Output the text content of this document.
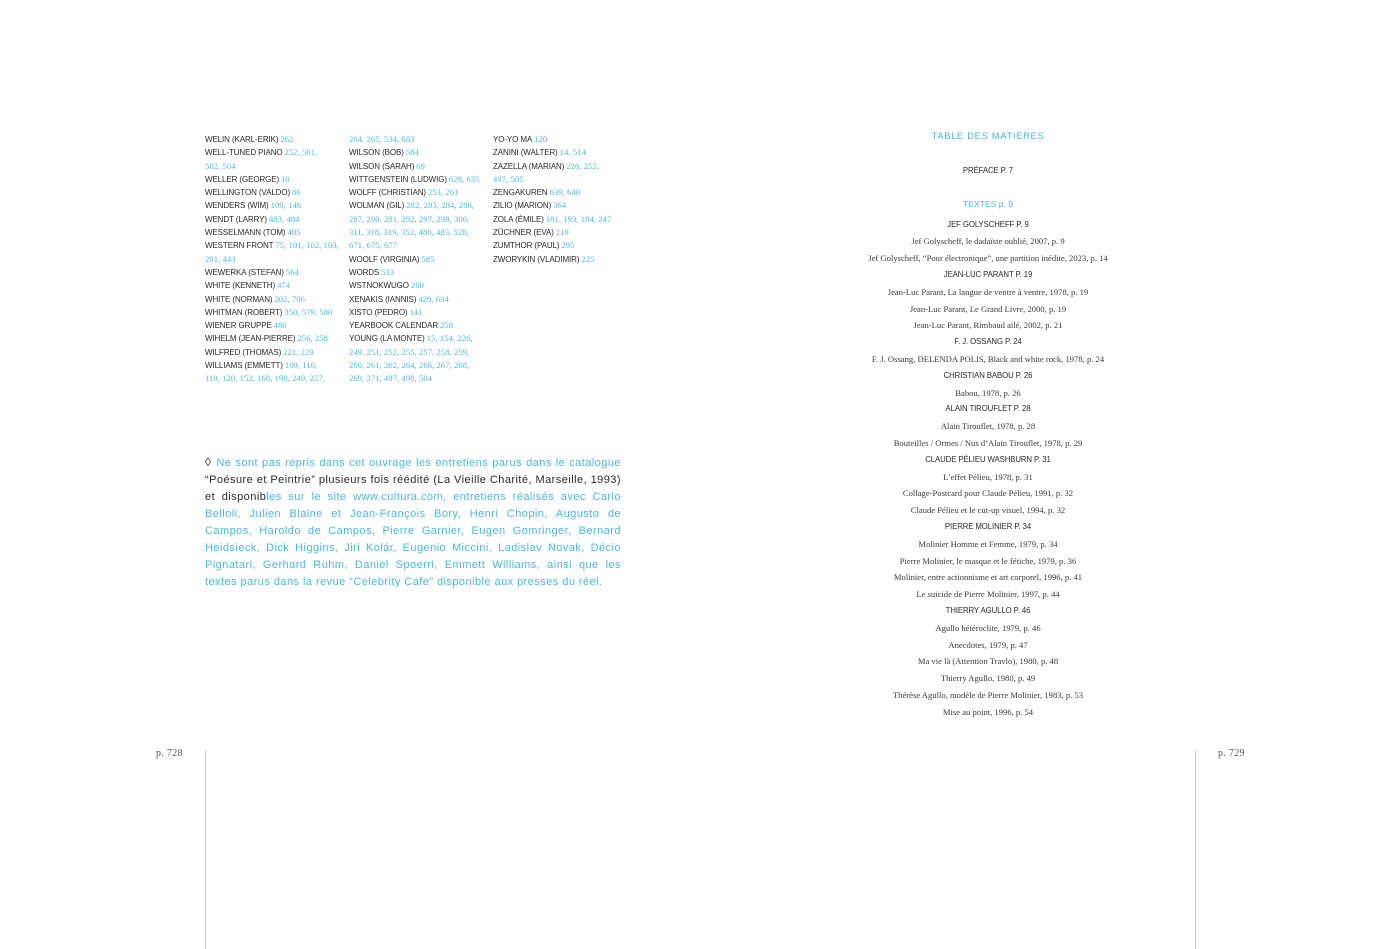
WELIN (KARL-ERIK) 262
WELL-TUNED PIANO 252, 501,
502, 504
WELLER (GEORGE) 10
WELLINGTON (VALDO) 86
WENDERS (WIM) 109, 146
WENDT (LARRY) 483, 484
WESSELMANN (TOM) 405
WESTERN FRONT 75, 101, 102, 103,
201, 443
WEWERKA (STEFAN) 564
WHITE (KENNETH) 474
WHITE (NORMAN) 202, 706
WHITMAN (ROBERT) 350, 579, 580
WIENER GRUPPE 486
WIHELM (JEAN-PIERRE) 256, 258
WILFRED (THOMAS) 221, 229
WILLIAMS (EMMETT) 109, 110,
119, 120, 152, 168, 190, 249, 257,
264, 265, 534, 683
WILSON (BOB) 584
WILSON (SARAH) 69
WITTGENSTEIN (LUDWIG) 629, 635
WOLFF (CHRISTIAN) 253, 261
WOLMAN (GIL) 282, 283, 284, 286,
287, 290, 291, 292, 297, 298, 300,
311, 318, 319, 352, 480, 483, 528,
671, 675, 677
WOOLF (VIRGINIA) 585
WORDS 533
WSTNOKWUGO 260
XENAKIS (IANNIS) 429, 634
XISTO (PEDRO) 141
YEARBOOK CALENDAR 258
YOUNG (LA MONTE) 15, 154, 226,
249, 251, 252, 255, 257, 258, 259,
260, 261, 262, 264, 266, 267, 268,
269, 271, 497, 498, 504
YO-YO MA 120
ZANINI (WALTER) 14, 514
ZAZELLA (MARIAN) 226, 252,
497, 505
ZENGAKUREN 639, 640
ZILIO (MARION) 364
ZOLA (ÉMILE) 181, 193, 194, 247
ZÜCHNER (EVA) 219
ZUMTHOR (PAUL) 295
ZWORYKIN (VLADIMIR) 225
◊ Ne sont pas repris dans cet ouvrage les entretiens parus dans le catalogue “Poésure et Peintrie” plusieurs fois réédité (La Vieille Charité, Marseille, 1993) et disponibles sur le site www.cultura.com, entretiens réalisés avec Carlo Belloli, Julien Blaine et Jean-François Bory, Henri Chopin, Augusto de Campos, Haroldo de Campos, Pierre Garnier, Eugen Gomringer, Bernard Heidsieck, Dick Higgins, Jiri Kolár, Eugenio Miccini, Ladislav Novak, Décio Pignatari, Gerhard Rühm, Daniel Spoerri, Emmett Williams, ainsi que les textes parus dans la revue “Celebrity Cafe” disponible aux presses du réel.
p. 728	p. 729
TABLE DES MATIÈRES
PRÉFACE P. 7
TEXTES p. 9
JEF GOLYSCHEFF P. 9
Jef Golyscheff, le dadaïste oublié, 2007, p. 9
Jef Golyscheff, “Pour électronique”, une partition inédite, 2023, p. 14
JEAN-LUC PARANT P. 19
Jean-Luc Parant, La langue de ventre à ventre, 1978, p. 19
Jean-Luc Parant, Le Grand Livre, 2000, p. 19
Jean-Luc Parant, Rimbaud ailé, 2002, p. 21
F. J. OSSANG P. 24
F. J. Ossang, DELENDA POLIS, Black and white rock, 1978, p. 24
CHRISTIAN BABOU P. 26
Babou, 1978, p. 26
ALAIN TIROUFLET P. 28
Alain Tirouflet, 1978, p. 28
Bouteilles / Ormes / Nus d’Alain Tirouflet, 1978, p. 29
CLAUDE PÉLIEU WASHBURN P. 31
L’effet Pélieu, 1978, p. 31
Collage-Postcard pour Claude Pélieu, 1991, p. 32
Claude Pélieu et le cut-up visuel, 1994, p. 32
PIERRE MOLINIER P. 34
Molinier Homme et Femme, 1979, p. 34
Pierre Molinier, le masque et le fétiche, 1979, p. 36
Molinier, entre actionnisme et art corporel, 1996, p. 41
Le suicide de Pierre Molinier, 1997, p. 44
THIERRY AGULLO P. 46
Agullo hétéroclite, 1979, p. 46
Anecdotes, 1979, p. 47
Ma vie là (Attention Travlo), 1980, p. 48
Thierry Agullo, 1980, p. 49
Thérèse Agullo, modèle de Pierre Molinier, 1983, p. 53
Mise au point, 1996, p. 54
